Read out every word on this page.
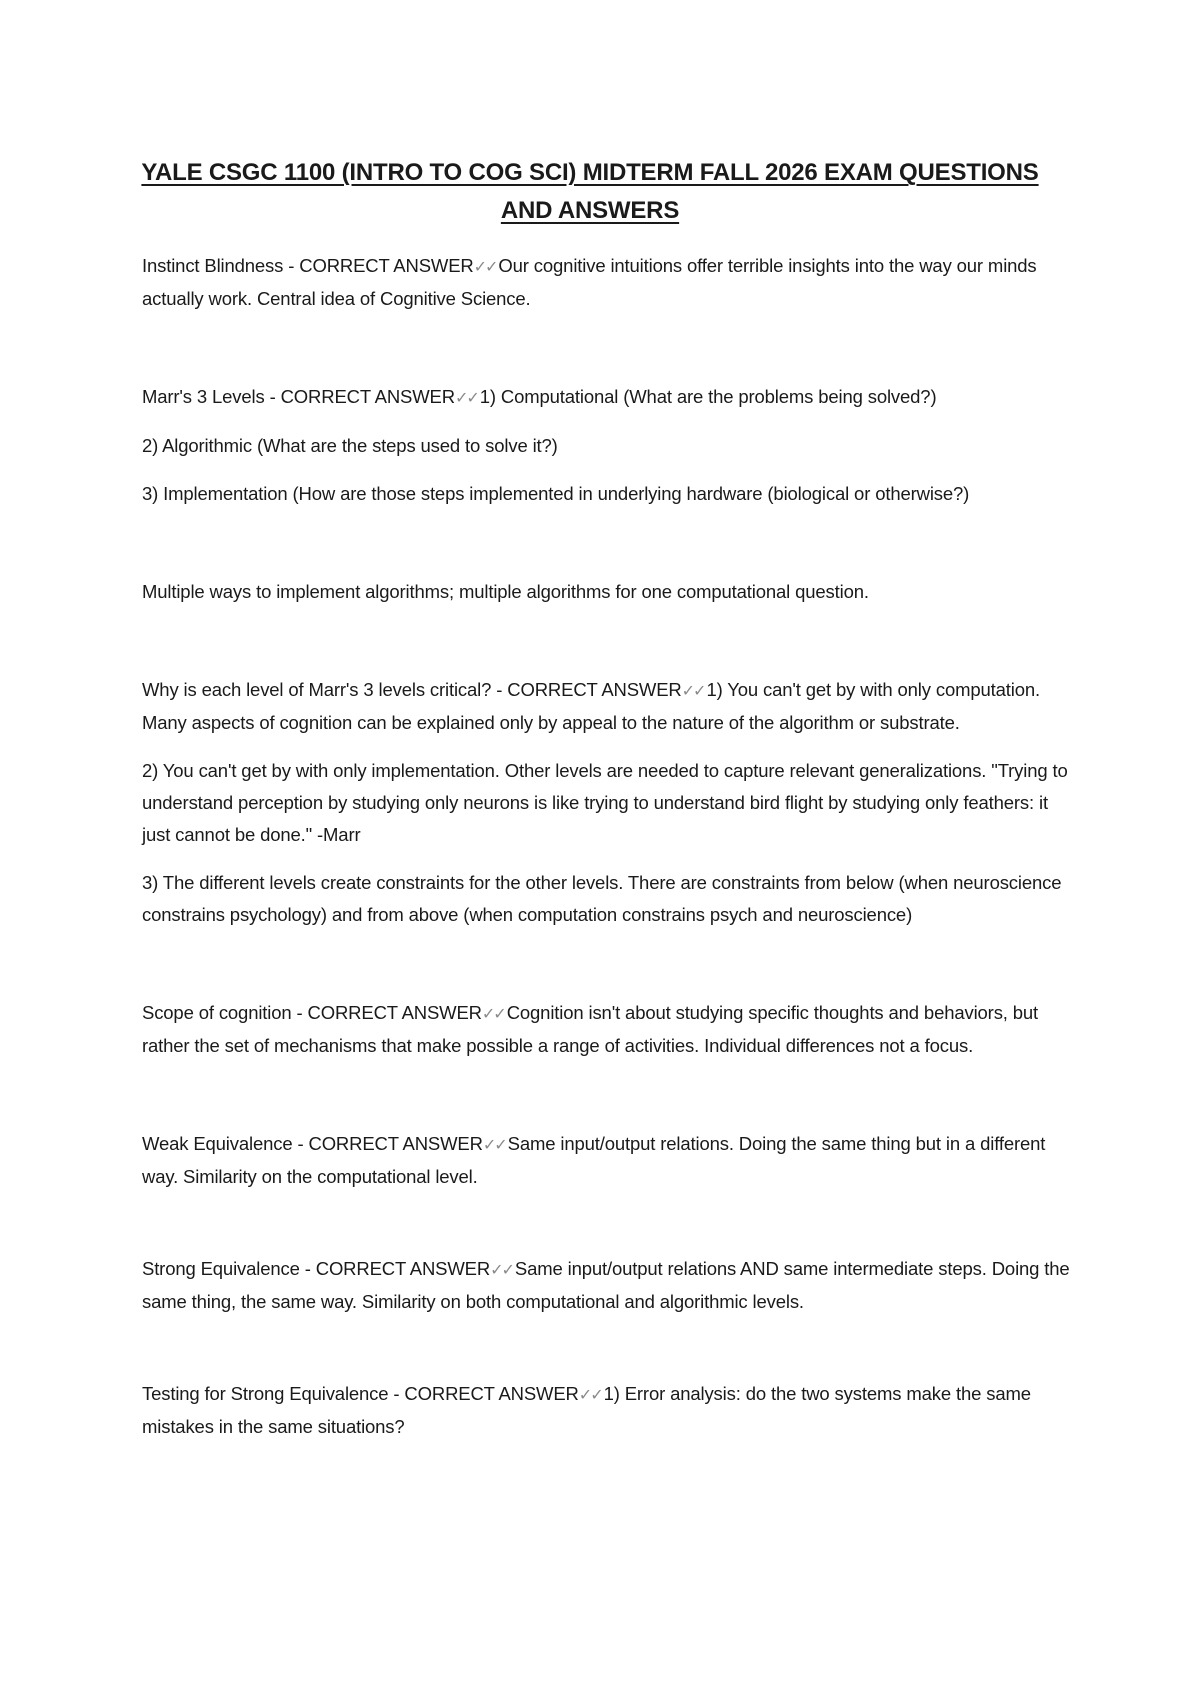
YALE CSGC 1100 (INTRO TO COG SCI) MIDTERM FALL 2026 EXAM QUESTIONS AND ANSWERS

Instinct Blindness - CORRECT ANSWER✓✓ Our cognitive intuitions offer terrible insights into the way our minds actually work. Central idea of Cognitive Science.

Marr's 3 Levels - CORRECT ANSWER✓✓ 1) Computational (What are the problems being solved?)

2) Algorithmic (What are the steps used to solve it?)

3) Implementation (How are those steps implemented in underlying hardware (biological or otherwise?)

Multiple ways to implement algorithms; multiple algorithms for one computational question.

Why is each level of Marr's 3 levels critical? - CORRECT ANSWER✓✓ 1) You can't get by with only computation. Many aspects of cognition can be explained only by appeal to the nature of the algorithm or substrate.

2) You can't get by with only implementation. Other levels are needed to capture relevant generalizations. "Trying to understand perception by studying only neurons is like trying to understand bird flight by studying only feathers: it just cannot be done." -Marr

3) The different levels create constraints for the other levels. There are constraints from below (when neuroscience constrains psychology) and from above (when computation constrains psych and neuroscience)

Scope of cognition - CORRECT ANSWER✓✓ Cognition isn't about studying specific thoughts and behaviors, but rather the set of mechanisms that make possible a range of activities. Individual differences not a focus.

Weak Equivalence - CORRECT ANSWER✓✓ Same input/output relations. Doing the same thing but in a different way. Similarity on the computational level.

Strong Equivalence - CORRECT ANSWER✓✓ Same input/output relations AND same intermediate steps. Doing the same thing, the same way. Similarity on both computational and algorithmic levels.

Testing for Strong Equivalence - CORRECT ANSWER✓✓ 1) Error analysis: do the two systems make the same mistakes in the same situations?
